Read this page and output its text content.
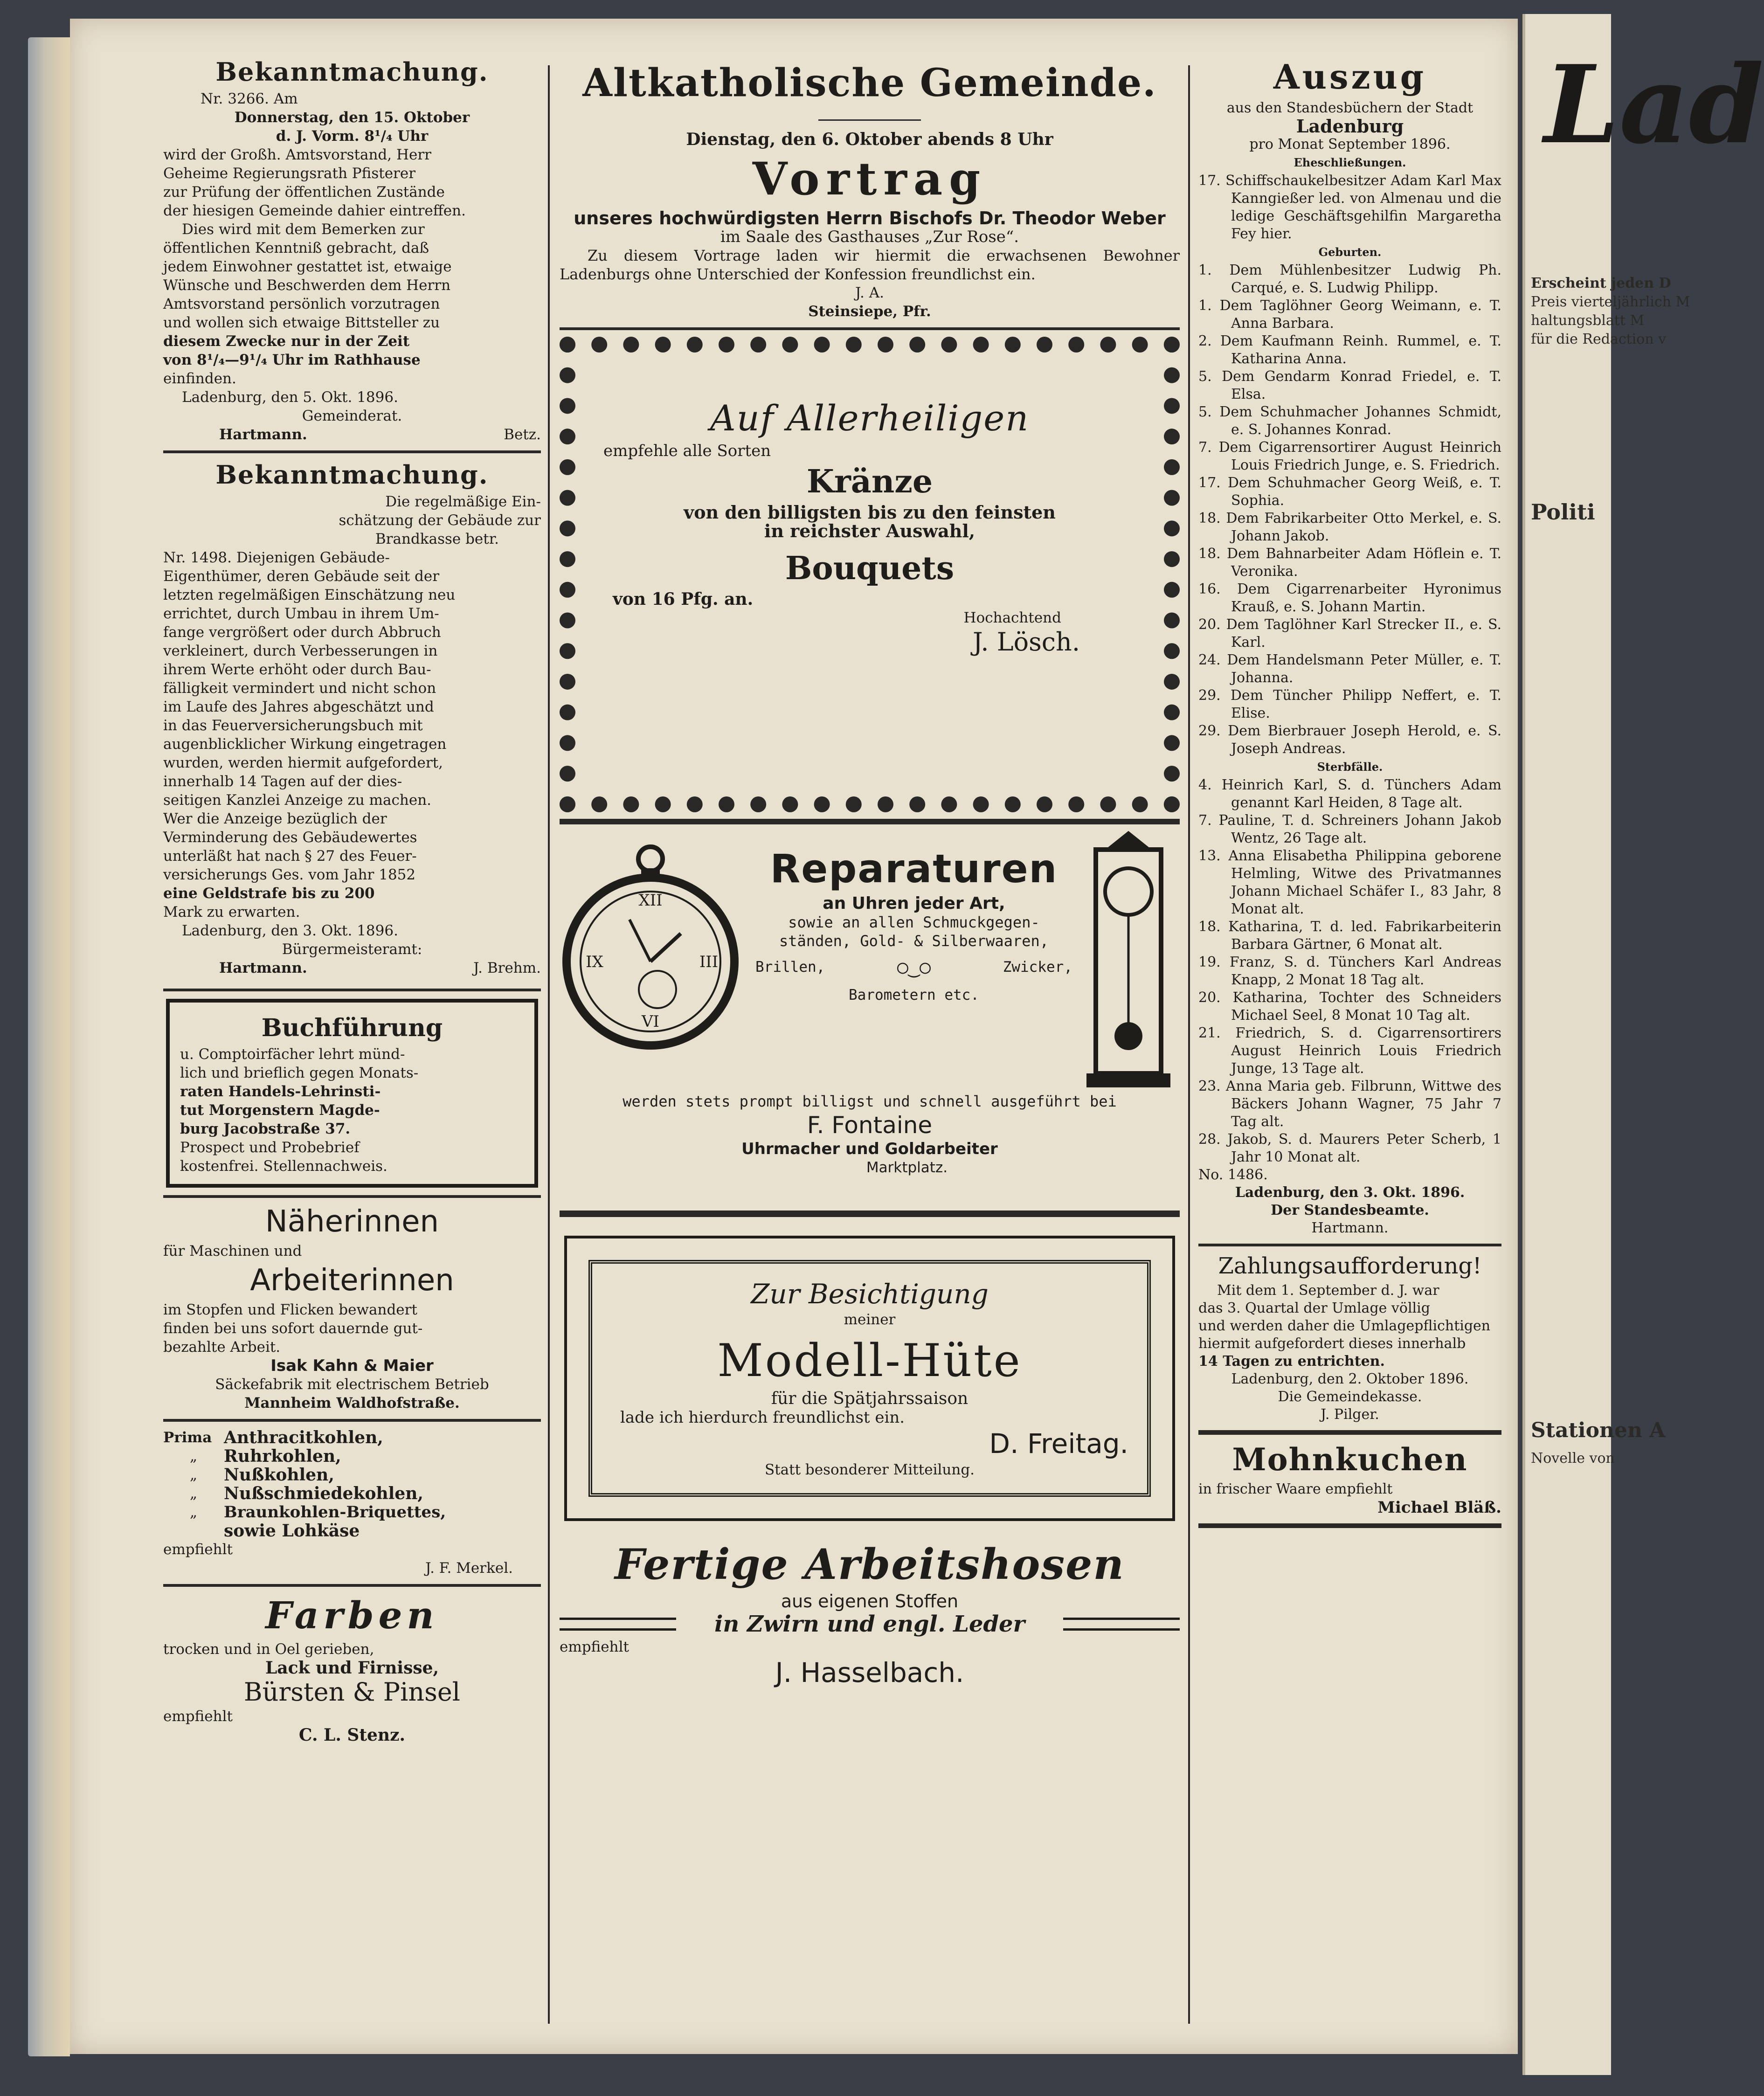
Bekanntmachung.

Nr. 3266. Am

Donnerstag, den 15. Oktober

d. J. Vorm. 8¹/₄ Uhr

wird der Großh. Amtsvorstand, Herr

Geheime Regierungsrath Pfisterer

zur Prüfung der öffentlichen Zustände

der hiesigen Gemeinde dahier eintreffen.

Dies wird mit dem Bemerken zur

öffentlichen Kenntniß gebracht, daß

jedem Einwohner gestattet ist, etwaige

Wünsche und Beschwerden dem Herrn

Amtsvorstand persönlich vorzutragen

und wollen sich etwaige Bittsteller zu

diesem Zwecke nur in der Zeit

von 8¹/₄—9¹/₄ Uhr im Rathhause

einfinden.

Ladenburg, den 5. Okt. 1896.

Gemeinderat.

Hartmann.	Betz.
Bekanntmachung.

Die regelmäßige Ein-

schätzung der Gebäude zur

Brandkasse betr.

Nr. 1498. Diejenigen Gebäude-

Eigenthümer, deren Gebäude seit der

letzten regelmäßigen Einschätzung neu

errichtet, durch Umbau in ihrem Um-

fange vergrößert oder durch Abbruch

verkleinert, durch Verbesserungen in

ihrem Werte erhöht oder durch Bau-

fälligkeit vermindert und nicht schon

im Laufe des Jahres abgeschätzt und

in das Feuerversicherungsbuch mit

augenblicklicher Wirkung eingetragen

wurden, werden hiermit aufgefordert,

innerhalb 14 Tagen auf der dies-

seitigen Kanzlei Anzeige zu machen.

Wer die Anzeige bezüglich der

Verminderung des Gebäudewertes

unterläßt hat nach § 27 des Feuer-

versicherungs Ges. vom Jahr 1852

eine Geldstrafe bis zu 200

Mark zu erwarten.

Ladenburg, den 3. Okt. 1896.

Bürgermeisteramt:

Hartmann.	J. Brehm.
Buchführung

u. Comptoirfächer lehrt münd-

lich und brieflich gegen Monats-

raten Handels-Lehrinsti-

tut Morgenstern Magde-

burg Jacobstraße 37.

Prospect und Probebrief

kostenfrei. Stellennachweis.

Näherinnen

für Maschinen und

Arbeiterinnen

im Stopfen und Flicken bewandert

finden bei uns sofort dauernde gut-

bezahlte Arbeit.

Isak Kahn & Maier

Säckefabrik mit electrischem Betrieb

Mannheim Waldhofstraße.

Prima Anthracitkohlen,
„	Ruhrkohlen,
„	Nußkohlen,
„	Nußschmiedekohlen,
„	Braunkohlen-Briquettes,
sowie Lohkäse

empfiehlt

J. F. Merkel.

Farben

trocken und in Oel gerieben,

Lack und Firnisse,

Bürsten & Pinsel

empfiehlt

C. L. Stenz.

Altkatholische Gemeinde.

Dienstag, den 6. Oktober abends 8 Uhr

Vortrag

unseres hochwürdigsten Herrn Bischofs Dr. Theodor Weber

im Saale des Gasthauses „Zur Rose“.

Zu diesem Vortrage laden wir hiermit die erwachsenen Bewohner Ladenburgs ohne Unterschied der Konfession freundlichst ein.

J. A.

Steinsiepe, Pfr.

Auf Allerheiligen

empfehle alle Sorten

Kränze

von den billigsten bis zu den feinsten

in reichster Auswahl,

Bouquets

von 16 Pfg. an.

Hochachtend

J. Lösch.

XII
III
VI
IX
Reparaturen

an Uhren jeder Art,

sowie an allen Schmuckgegen-

ständen, Gold- & Silberwaaren,

Brillen,	○‿○	Zwicker,

Barometern etc.

werden stets prompt billigst und schnell ausgeführt bei

F. Fontaine

Uhrmacher und Goldarbeiter

Marktplatz.

Zur Besichtigung

meiner

Modell-Hüte

für die Spätjahrssaison

lade ich hierdurch freundlichst ein.

D. Freitag.

Statt besonderer Mitteilung.

Fertige Arbeitshosen

aus eigenen Stoffen

in Zwirn und engl. Leder

empfiehlt

J. Hasselbach.

Auszug

aus den Standesbüchern der Stadt

Ladenburg

pro Monat September 1896.

Eheschließungen.

17. Schiffschaukelbesitzer Adam Karl Max Kanngießer led. von Almenau und die ledige Geschäftsgehilfin Margaretha Fey hier.

Geburten.

1. Dem Mühlenbesitzer Ludwig Ph. Carqué, e. S. Ludwig Philipp.

1. Dem Taglöhner Georg Weimann, e. T. Anna Barbara.

2. Dem Kaufmann Reinh. Rummel, e. T. Katharina Anna.

5. Dem Gendarm Konrad Friedel, e. T. Elsa.

5. Dem Schuhmacher Johannes Schmidt, e. S. Johannes Konrad.

7. Dem Cigarrensortirer August Heinrich Louis Friedrich Junge, e. S. Friedrich.

17. Dem Schuhmacher Georg Weiß, e. T. Sophia.

18. Dem Fabrikarbeiter Otto Merkel, e. S. Johann Jakob.

18. Dem Bahnarbeiter Adam Höflein e. T. Veronika.

16. Dem Cigarrenarbeiter Hyronimus Krauß, e. S. Johann Martin.

20. Dem Taglöhner Karl Strecker II., e. S. Karl.

24. Dem Handelsmann Peter Müller, e. T. Johanna.

29. Dem Tüncher Philipp Neffert, e. T. Elise.

29. Dem Bierbrauer Joseph Herold, e. S. Joseph Andreas.

Sterbfälle.

4. Heinrich Karl, S. d. Tünchers Adam genannt Karl Heiden, 8 Tage alt.

7. Pauline, T. d. Schreiners Johann Jakob Wentz, 26 Tage alt.

13. Anna Elisabetha Philippina geborene Helmling, Witwe des Privatmannes Johann Michael Schäfer I., 83 Jahr, 8 Monat alt.

18. Katharina, T. d. led. Fabrikarbeiterin Barbara Gärtner, 6 Monat alt.

19. Franz, S. d. Tünchers Karl Andreas Knapp, 2 Monat 18 Tag alt.

20. Katharina, Tochter des Schneiders Michael Seel, 8 Monat 10 Tag alt.

21. Friedrich, S. d. Cigarrensortirers August Heinrich Louis Friedrich Junge, 13 Tage alt.

23. Anna Maria geb. Filbrunn, Wittwe des Bäckers Johann Wagner, 75 Jahr 7 Tag alt.

28. Jakob, S. d. Maurers Peter Scherb, 1 Jahr 10 Monat alt.

No. 1486.

Ladenburg, den 3. Okt. 1896.

Der Standesbeamte.

Hartmann.

Zahlungsaufforderung!

Mit dem 1. September d. J. war

das 3. Quartal der Umlage völlig

und werden daher die Umlagepflichtigen

hiermit aufgefordert dieses innerhalb

14 Tagen zu entrichten.

Ladenburg, den 2. Oktober 1896.

Die Gemeindekasse.

J. Pilger.

Mohnkuchen

in frischer Waare empfiehlt

Michael Bläß.

Lad
Erscheint jeden D
Preis vierteljährlich M
haltungsblatt M
für die Redaction v
Politi
Stationen A
Novelle von
